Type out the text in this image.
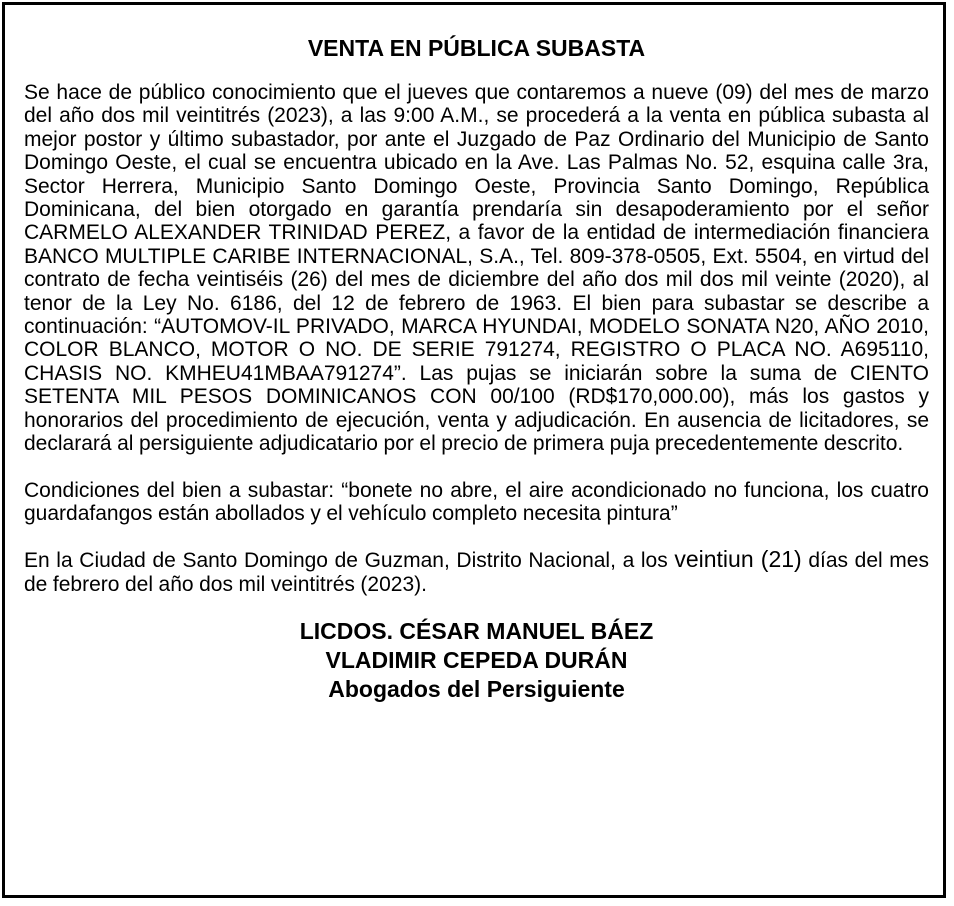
VENTA EN PÚBLICA SUBASTA

Se hace de público conocimiento que el jueves que contaremos a nueve (09) del mes de marzo del año dos mil veintitrés (2023), a las 9:00 A.M., se procederá a la venta en pública subasta al mejor postor y último subastador, por ante el Juzgado de Paz Ordinario del Municipio de Santo Domingo Oeste, el cual se encuentra ubicado en la Ave. Las Palmas No. 52, esquina calle 3ra, Sector Herrera, Municipio Santo Domingo Oeste, Provincia Santo Domingo, República Dominicana, del bien otorgado en garantía prendaría sin desapoderamiento por el señor CARMELO ALEXANDER TRINIDAD PEREZ, a favor de la entidad de intermediación financiera BANCO MULTIPLE CARIBE INTERNACIONAL, S.A., Tel. 809-378-0505, Ext. 5504, en virtud del contrato de fecha veintiséis (26) del mes de diciembre del año dos mil dos mil veinte (2020), al tenor de la Ley No. 6186, del 12 de febrero de 1963. El bien para subastar se describe a continuación: “AUTOMOV-IL PRIVADO, MARCA HYUNDAI, MODELO SONATA N20, AÑO 2010, COLOR BLANCO, MOTOR O NO. DE SERIE 791274, REGISTRO O PLACA NO. A695110, CHASIS NO. KMHEU41MBAA791274”. Las pujas se iniciarán sobre la suma de CIENTO SETENTA MIL PESOS DOMINICANOS CON 00/100 (RD$170,000.00), más los gastos y honorarios del procedimiento de ejecución, venta y adjudicación. En ausencia de licitadores, se declarará al persiguiente adjudicatario por el precio de primera puja precedentemente descrito.

Condiciones del bien a subastar: “bonete no abre, el aire acondicionado no funciona, los cuatro guardafangos están abollados y el vehículo completo necesita pintura”

En la Ciudad de Santo Domingo de Guzman, Distrito Nacional, a los veintiun (21) días del mes de febrero del año dos mil veintitrés (2023).

LICDOS. CÉSAR MANUEL BÁEZ
VLADIMIR CEPEDA DURÁN
Abogados del Persiguiente
